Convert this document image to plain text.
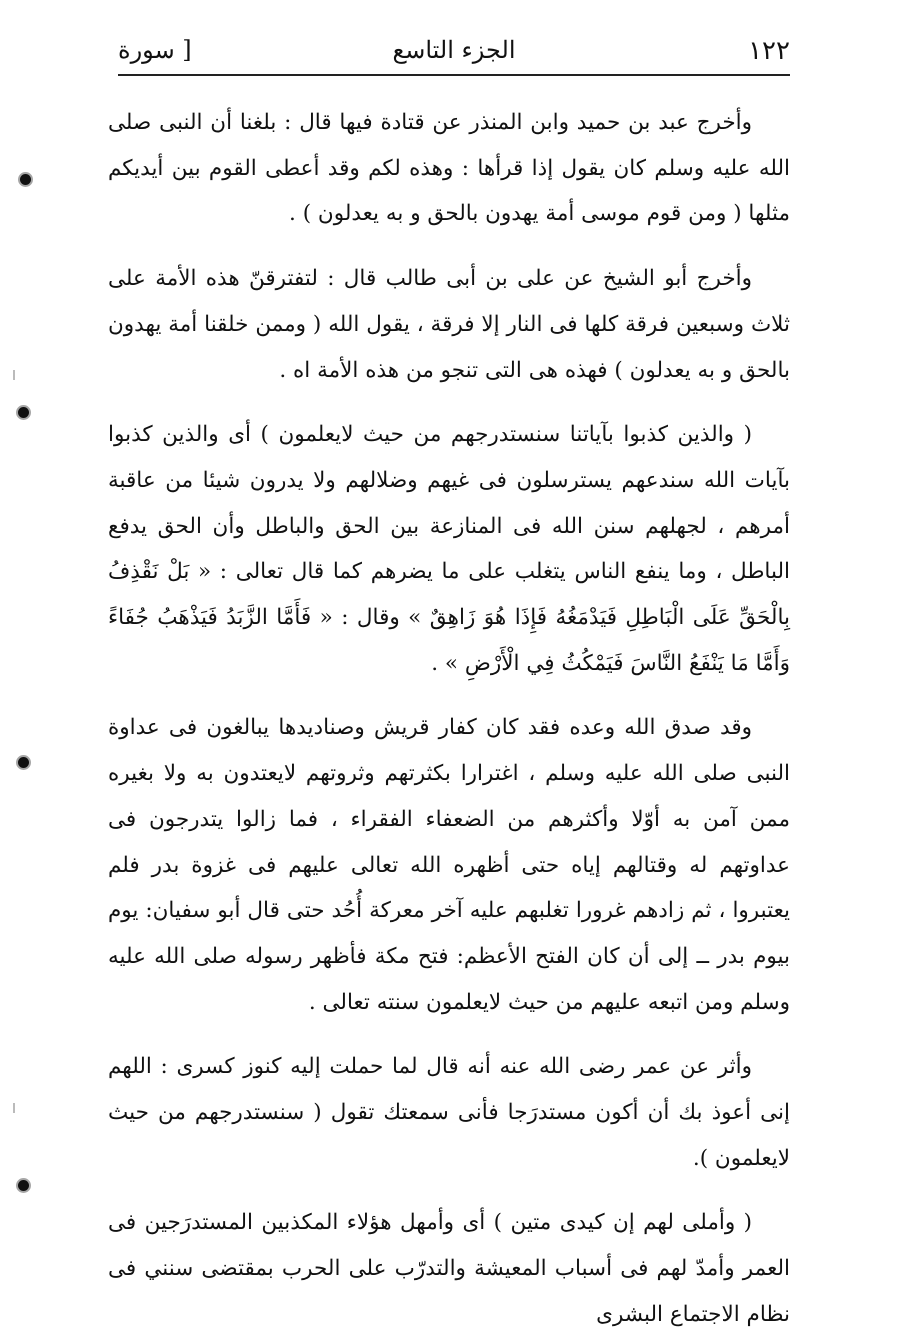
سورة ]	الجزء التاسع	١٢٢

وأخرج عبد بن حميد وابن المنذر عن قتادة فيها قال : بلغنا أن النبى صلى الله عليه وسلم كان يقول إذا قرأها : وهذه لكم وقد أعطى القوم بين أيديكم مثلها ( ومن قوم موسى أمة يهدون بالحق و به يعدلون ) .

وأخرج أبو الشيخ عن على بن أبى طالب قال : لتفترقنّ هذه الأمة على ثلاث وسبعين فرقة كلها فى النار إلا فرقة ، يقول الله ( وممن خلقنا أمة يهدون بالحق و به يعدلون ) فهذه هى التى تنجو من هذه الأمة اه .

( والذين كذبوا بآياتنا سنستدرجهم من حيث لايعلمون ) أى والذين كذبوا بآيات الله سندعهم يسترسلون فى غيهم وضلالهم ولا يدرون شيئا من عاقبة أمرهم ، لجهلهم سنن الله فى المنازعة بين الحق والباطل وأن الحق يدفع الباطل ، وما ينفع الناس يتغلب على ما يضرهم كما قال تعالى : « بَلْ نَقْذِفُ بِالْحَقِّ عَلَى الْبَاطِلِ فَيَدْمَغُهُ فَإِذَا هُوَ زَاهِقٌ » وقال : « فَأَمَّا الزَّبَدُ فَيَذْهَبُ جُفَاءً وَأَمَّا مَا يَنْفَعُ النَّاسَ فَيَمْكُثُ فِي الْأَرْضِ » .

وقد صدق الله وعده فقد كان كفار قريش وصناديدها يبالغون فى عداوة النبى صلى الله عليه وسلم ، اغترارا بكثرتهم وثروتهم لايعتدون به ولا بغيره ممن آمن به أوّلا وأكثرهم من الضعفاء الفقراء ، فما زالوا يتدرجون فى عداوتهم له وقتالهم إياه حتى أظهره الله تعالى عليهم فى غزوة بدر فلم يعتبروا ، ثم زادهم غرورا تغلبهم عليه آخر معركة أُحُد حتى قال أبو سفيان: يوم بيوم بدر ــ إلى أن كان الفتح الأعظم: فتح مكة فأظهر رسوله صلى الله عليه وسلم ومن اتبعه عليهم من حيث لايعلمون سنته تعالى .

وأثر عن عمر رضى الله عنه أنه قال لما حملت إليه كنوز كسرى : اللهم إنى أعوذ بك أن أكون مستدرَجا فأنى سمعتك تقول ( سنستدرجهم من حيث لايعلمون ).

( وأملى لهم إن كيدى متين ) أى وأمهل هؤلاء المكذبين المستدرَجين فى العمر وأمدّ لهم فى أسباب المعيشة والتدرّب على الحرب بمقتضى سنني فى نظام الاجتماع البشرى
